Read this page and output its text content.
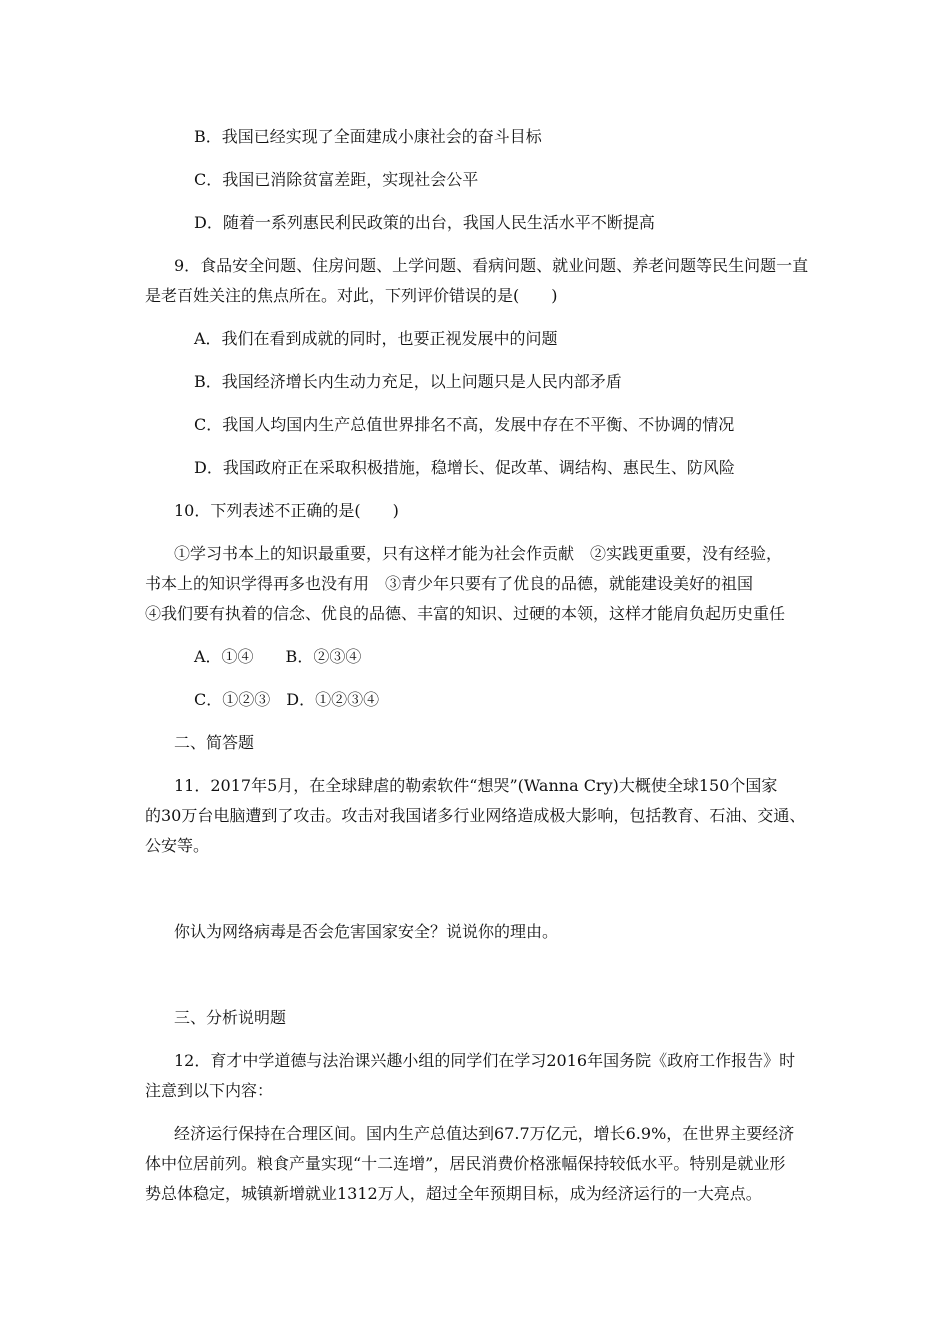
B．我国已经实现了全面建成小康社会的奋斗目标
C．我国已消除贫富差距，实现社会公平
D．随着一系列惠民利民政策的出台，我国人民生活水平不断提高
9．食品安全问题、住房问题、上学问题、看病问题、就业问题、养老问题等民生问题一直
是老百姓关注的焦点所在。对此，下列评价错误的是(　　)
A．我们在看到成就的同时，也要正视发展中的问题
B．我国经济增长内生动力充足，以上问题只是人民内部矛盾
C．我国人均国内生产总值世界排名不高，发展中存在不平衡、不协调的情况
D．我国政府正在采取积极措施，稳增长、促改革、调结构、惠民生、防风险
10．下列表述不正确的是(　　)
①学习书本上的知识最重要，只有这样才能为社会作贡献　②实践更重要，没有经验，
书本上的知识学得再多也没有用　③青少年只要有了优良的品德，就能建设美好的祖国
④我们要有执着的信念、优良的品德、丰富的知识、过硬的本领，这样才能肩负起历史重任
A．①④　　B．②③④
C．①②③　D．①②③④
二、简答题
11．2017年5月，在全球肆虐的勒索软件“想哭”(Wanna Cry)大概使全球150个国家
的30万台电脑遭到了攻击。攻击对我国诸多行业网络造成极大影响，包括教育、石油、交通、
公安等。
你认为网络病毒是否会危害国家安全？说说你的理由。
三、分析说明题
12．育才中学道德与法治课兴趣小组的同学们在学习2016年国务院《政府工作报告》时
注意到以下内容：
经济运行保持在合理区间。国内生产总值达到67.7万亿元，增长6.9%，在世界主要经济
体中位居前列。粮食产量实现“十二连增”，居民消费价格涨幅保持较低水平。特别是就业形
势总体稳定，城镇新增就业1312万人，超过全年预期目标，成为经济运行的一大亮点。
